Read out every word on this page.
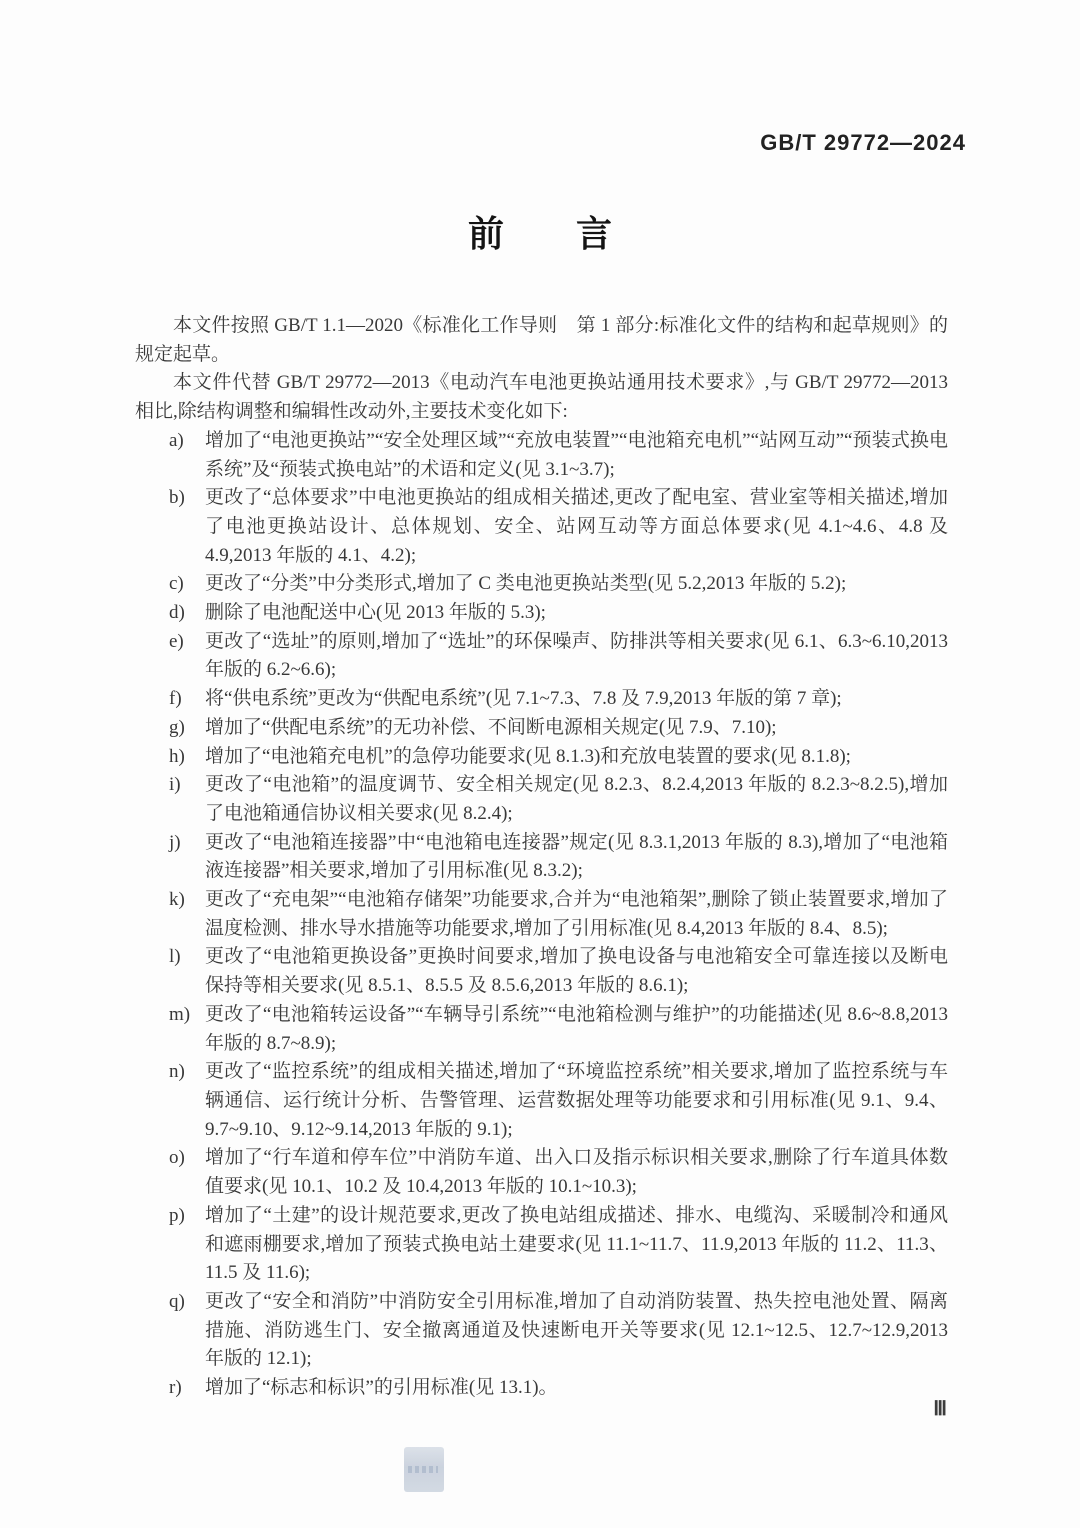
GB/T 29772—2024
前　　言

本文件按照 GB/T 1.1—2020《标准化工作导则　第 1 部分:标准化文件的结构和起草规则》的规定起草。

本文件代替 GB/T 29772—2013《电动汽车电池更换站通用技术要求》,与 GB/T 29772—2013 相比,除结构调整和编辑性改动外,主要技术变化如下:

a) 增加了“电池更换站”“安全处理区域”“充放电装置”“电池箱充电机”“站网互动”“预装式换电系统”及“预装式换电站”的术语和定义(见 3.1~3.7);
b) 更改了“总体要求”中电池更换站的组成相关描述,更改了配电室、营业室等相关描述,增加了电池更换站设计、总体规划、安全、站网互动等方面总体要求(见 4.1~4.6、4.8 及 4.9,2013 年版的 4.1、4.2);
c) 更改了“分类”中分类形式,增加了 C 类电池更换站类型(见 5.2,2013 年版的 5.2);
d) 删除了电池配送中心(见 2013 年版的 5.3);
e) 更改了“选址”的原则,增加了“选址”的环保噪声、防排洪等相关要求(见 6.1、6.3~6.10,2013 年版的 6.2~6.6);
f) 将“供电系统”更改为“供配电系统”(见 7.1~7.3、7.8 及 7.9,2013 年版的第 7 章);
g) 增加了“供配电系统”的无功补偿、不间断电源相关规定(见 7.9、7.10);
h) 增加了“电池箱充电机”的急停功能要求(见 8.1.3)和充放电装置的要求(见 8.1.8);
i) 更改了“电池箱”的温度调节、安全相关规定(见 8.2.3、8.2.4,2013 年版的 8.2.3~8.2.5),增加了电池箱通信协议相关要求(见 8.2.4);
j) 更改了“电池箱连接器”中“电池箱电连接器”规定(见 8.3.1,2013 年版的 8.3),增加了“电池箱液连接器”相关要求,增加了引用标准(见 8.3.2);
k) 更改了“充电架”“电池箱存储架”功能要求,合并为“电池箱架”,删除了锁止装置要求,增加了温度检测、排水导水措施等功能要求,增加了引用标准(见 8.4,2013 年版的 8.4、8.5);
l) 更改了“电池箱更换设备”更换时间要求,增加了换电设备与电池箱安全可靠连接以及断电保持等相关要求(见 8.5.1、8.5.5 及 8.5.6,2013 年版的 8.6.1);
m) 更改了“电池箱转运设备”“车辆导引系统”“电池箱检测与维护”的功能描述(见 8.6~8.8,2013 年版的 8.7~8.9);
n) 更改了“监控系统”的组成相关描述,增加了“环境监控系统”相关要求,增加了监控系统与车辆通信、运行统计分析、告警管理、运营数据处理等功能要求和引用标准(见 9.1、9.4、9.7~9.10、9.12~9.14,2013 年版的 9.1);
o) 增加了“行车道和停车位”中消防车道、出入口及指示标识相关要求,删除了行车道具体数值要求(见 10.1、10.2 及 10.4,2013 年版的 10.1~10.3);
p) 增加了“土建”的设计规范要求,更改了换电站组成描述、排水、电缆沟、采暖制冷和通风和遮雨棚要求,增加了预装式换电站土建要求(见 11.1~11.7、11.9,2013 年版的 11.2、11.3、11.5 及 11.6);
q) 更改了“安全和消防”中消防安全引用标准,增加了自动消防装置、热失控电池处置、隔离措施、消防逃生门、安全撤离通道及快速断电开关等要求(见 12.1~12.5、12.7~12.9,2013 年版的 12.1);
r) 增加了“标志和标识”的引用标准(见 13.1)。
Ⅲ
